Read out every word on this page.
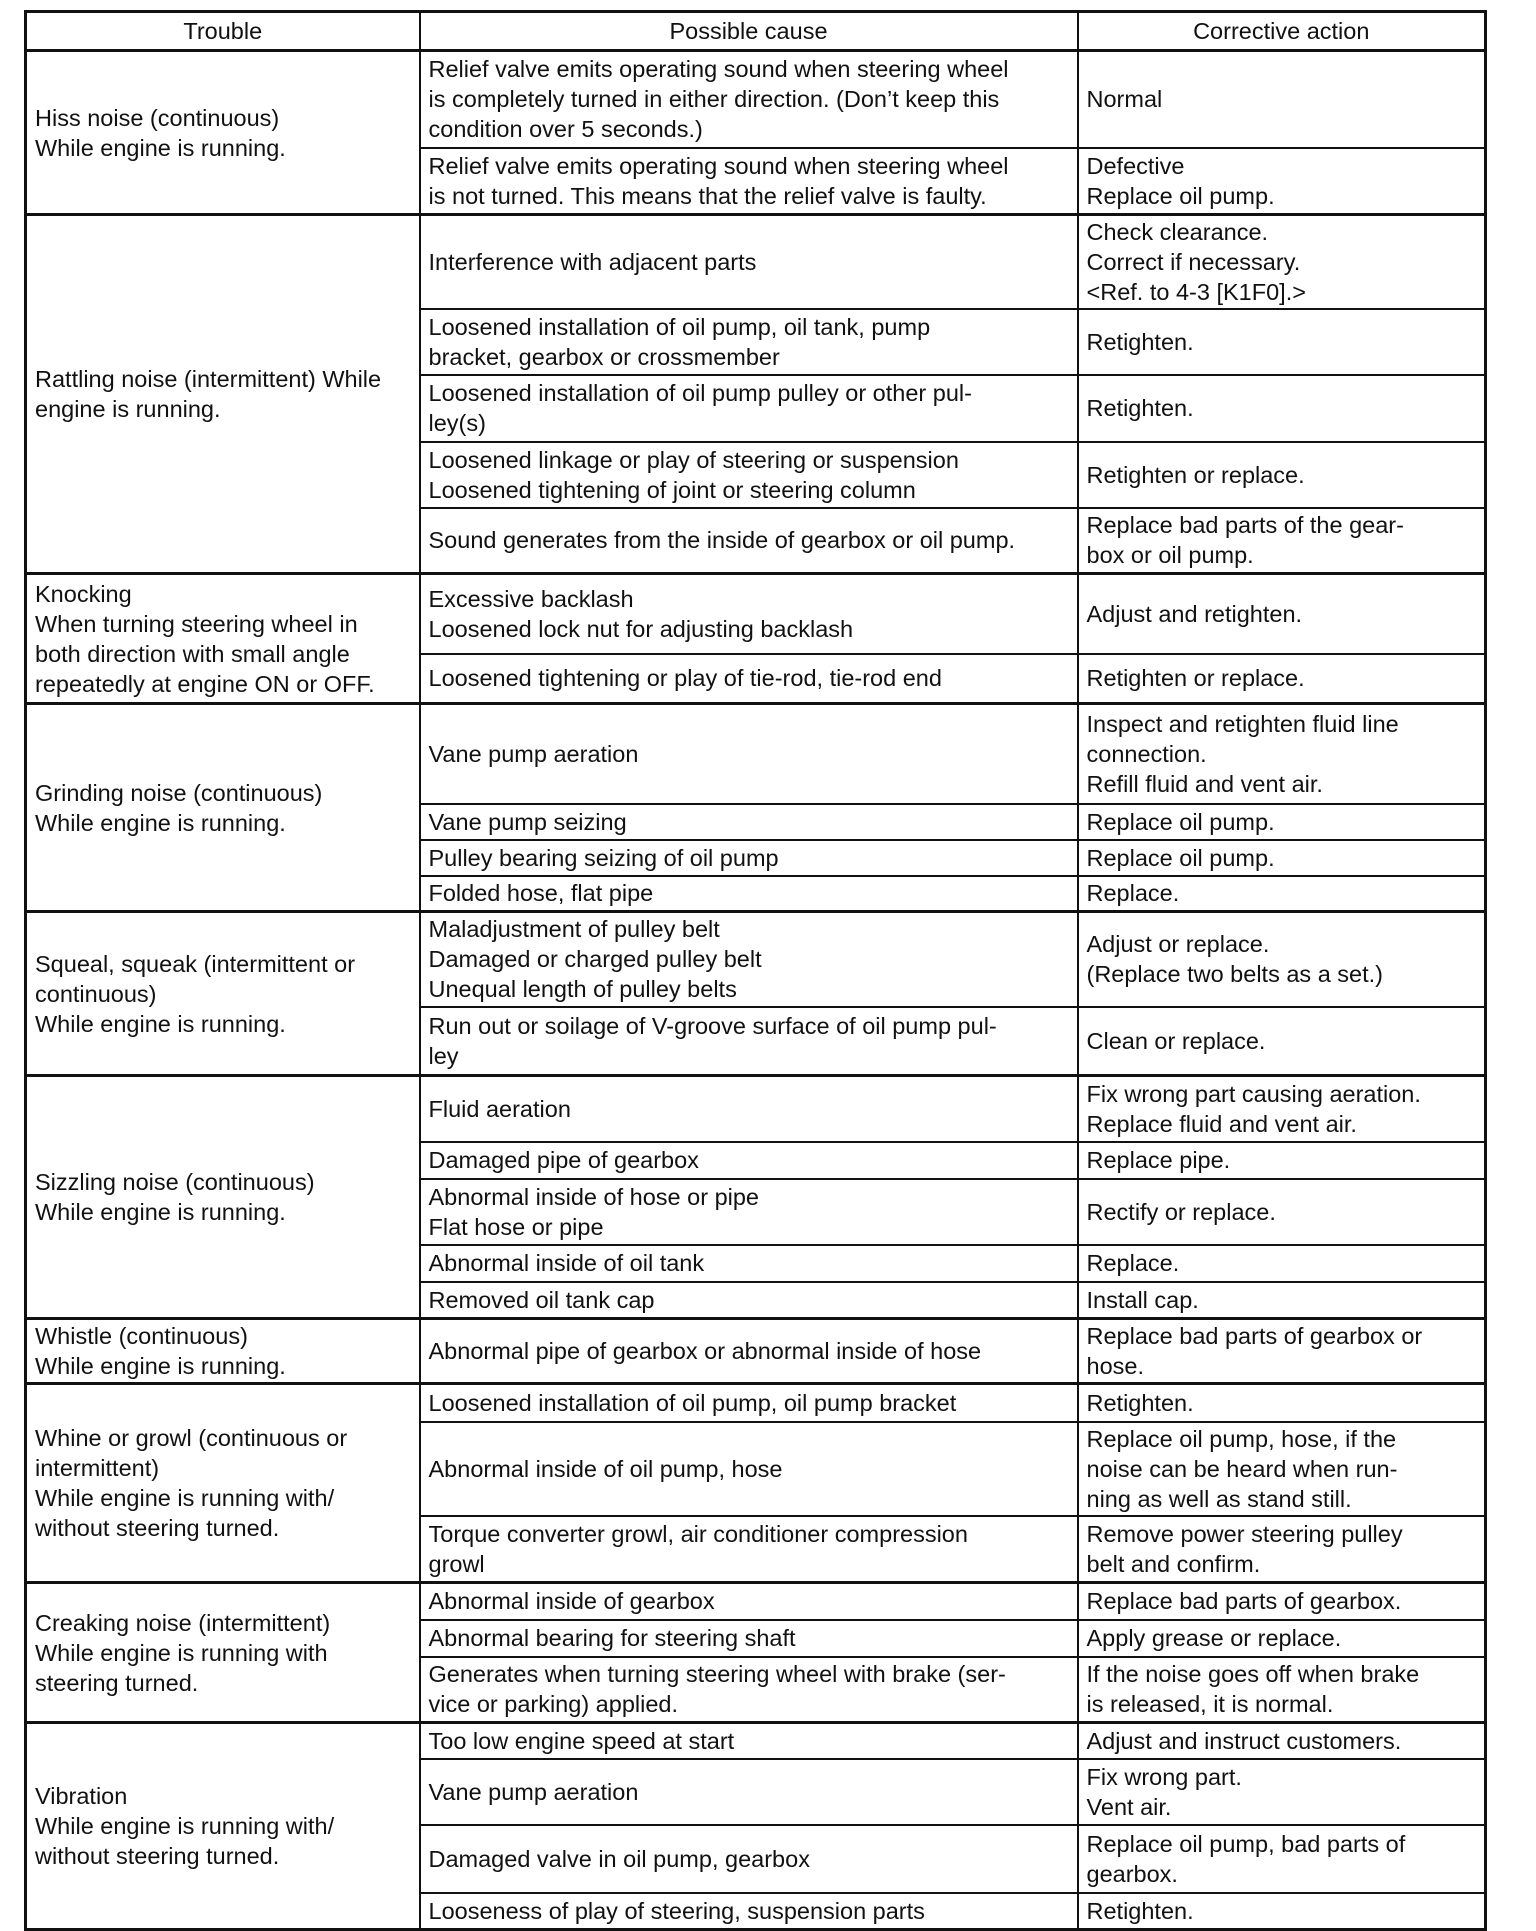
Trouble	Possible cause	Corrective action
Hiss noise (continuous)
While engine is running.	Relief valve emits operating sound when steering wheel
is completely turned in either direction. (Don’t keep this
condition over 5 seconds.)	Normal
	Relief valve emits operating sound when steering wheel
is not turned. This means that the relief valve is faulty.	Defective
Replace oil pump.
Rattling noise (intermittent) While
engine is running.	Interference with adjacent parts	Check clearance.
Correct if necessary.
<Ref. to 4-3 [K1F0].>
	Loosened installation of oil pump, oil tank, pump
bracket, gearbox or crossmember	Retighten.
	Loosened installation of oil pump pulley or other pul-
ley(s)	Retighten.
	Loosened linkage or play of steering or suspension
Loosened tightening of joint or steering column	Retighten or replace.
	Sound generates from the inside of gearbox or oil pump.	Replace bad parts of the gear-
box or oil pump.
Knocking
When turning steering wheel in
both direction with small angle
repeatedly at engine ON or OFF.	Excessive backlash
Loosened lock nut for adjusting backlash	Adjust and retighten.
	Loosened tightening or play of tie-rod, tie-rod end	Retighten or replace.
Grinding noise (continuous)
While engine is running.	Vane pump aeration	Inspect and retighten fluid line
connection.
Refill fluid and vent air.
	Vane pump seizing	Replace oil pump.
	Pulley bearing seizing of oil pump	Replace oil pump.
	Folded hose, flat pipe	Replace.
Squeal, squeak (intermittent or
continuous)
While engine is running.	Maladjustment of pulley belt
Damaged or charged pulley belt
Unequal length of pulley belts	Adjust or replace.
(Replace two belts as a set.)
	Run out or soilage of V-groove surface of oil pump pul-
ley	Clean or replace.
Sizzling noise (continuous)
While engine is running.	Fluid aeration	Fix wrong part causing aeration.
Replace fluid and vent air.
	Damaged pipe of gearbox	Replace pipe.
	Abnormal inside of hose or pipe
Flat hose or pipe	Rectify or replace.
	Abnormal inside of oil tank	Replace.
	Removed oil tank cap	Install cap.
Whistle (continuous)
While engine is running.	Abnormal pipe of gearbox or abnormal inside of hose	Replace bad parts of gearbox or
hose.
Whine or growl (continuous or
intermittent)
While engine is running with/
without steering turned.	Loosened installation of oil pump, oil pump bracket	Retighten.
	Abnormal inside of oil pump, hose	Replace oil pump, hose, if the
noise can be heard when run-
ning as well as stand still.
	Torque converter growl, air conditioner compression
growl	Remove power steering pulley
belt and confirm.
Creaking noise (intermittent)
While engine is running with
steering turned.	Abnormal inside of gearbox	Replace bad parts of gearbox.
	Abnormal bearing for steering shaft	Apply grease or replace.
	Generates when turning steering wheel with brake (ser-
vice or parking) applied.	If the noise goes off when brake
is released, it is normal.
Vibration
While engine is running with/
without steering turned.	Too low engine speed at start	Adjust and instruct customers.
	Vane pump aeration	Fix wrong part.
Vent air.
	Damaged valve in oil pump, gearbox	Replace oil pump, bad parts of
gearbox.
	Looseness of play of steering, suspension parts	Retighten.
